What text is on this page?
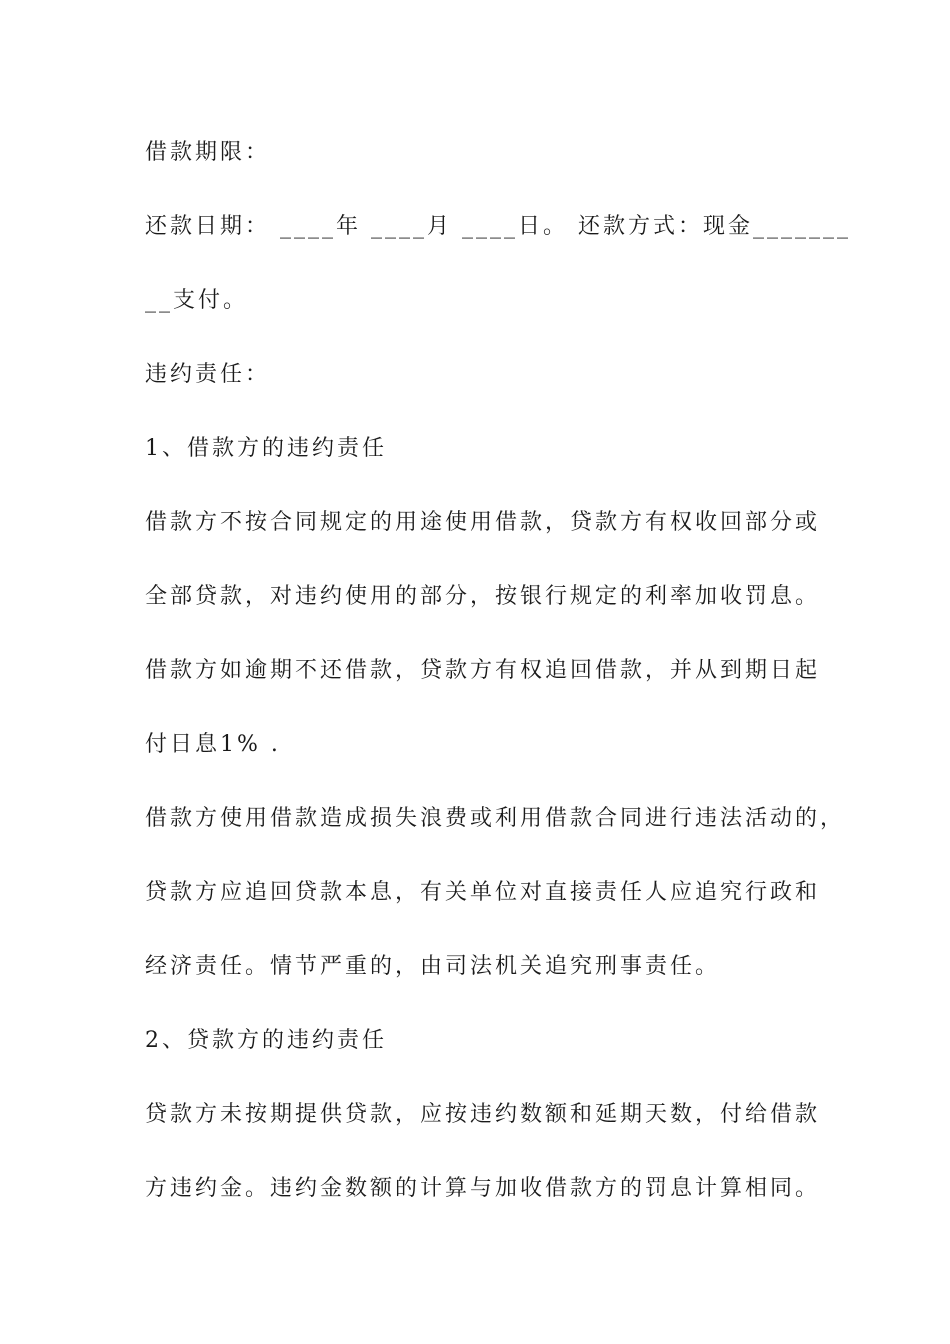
借款期限：
还款日期： ____年 ____月 ____日。 还款方式：现金_______
__支付。
违约责任：
1、借款方的违约责任
借款方不按合同规定的用途使用借款，贷款方有权收回部分或
全部贷款，对违约使用的部分，按银行规定的利率加收罚息。
借款方如逾期不还借款，贷款方有权追回借款，并从到期日起
付日息1% .
借款方使用借款造成损失浪费或利用借款合同进行违法活动的，
贷款方应追回贷款本息，有关单位对直接责任人应追究行政和
经济责任。情节严重的，由司法机关追究刑事责任。
2、贷款方的违约责任
贷款方未按期提供贷款，应按违约数额和延期天数，付给借款
方违约金。违约金数额的计算与加收借款方的罚息计算相同。
